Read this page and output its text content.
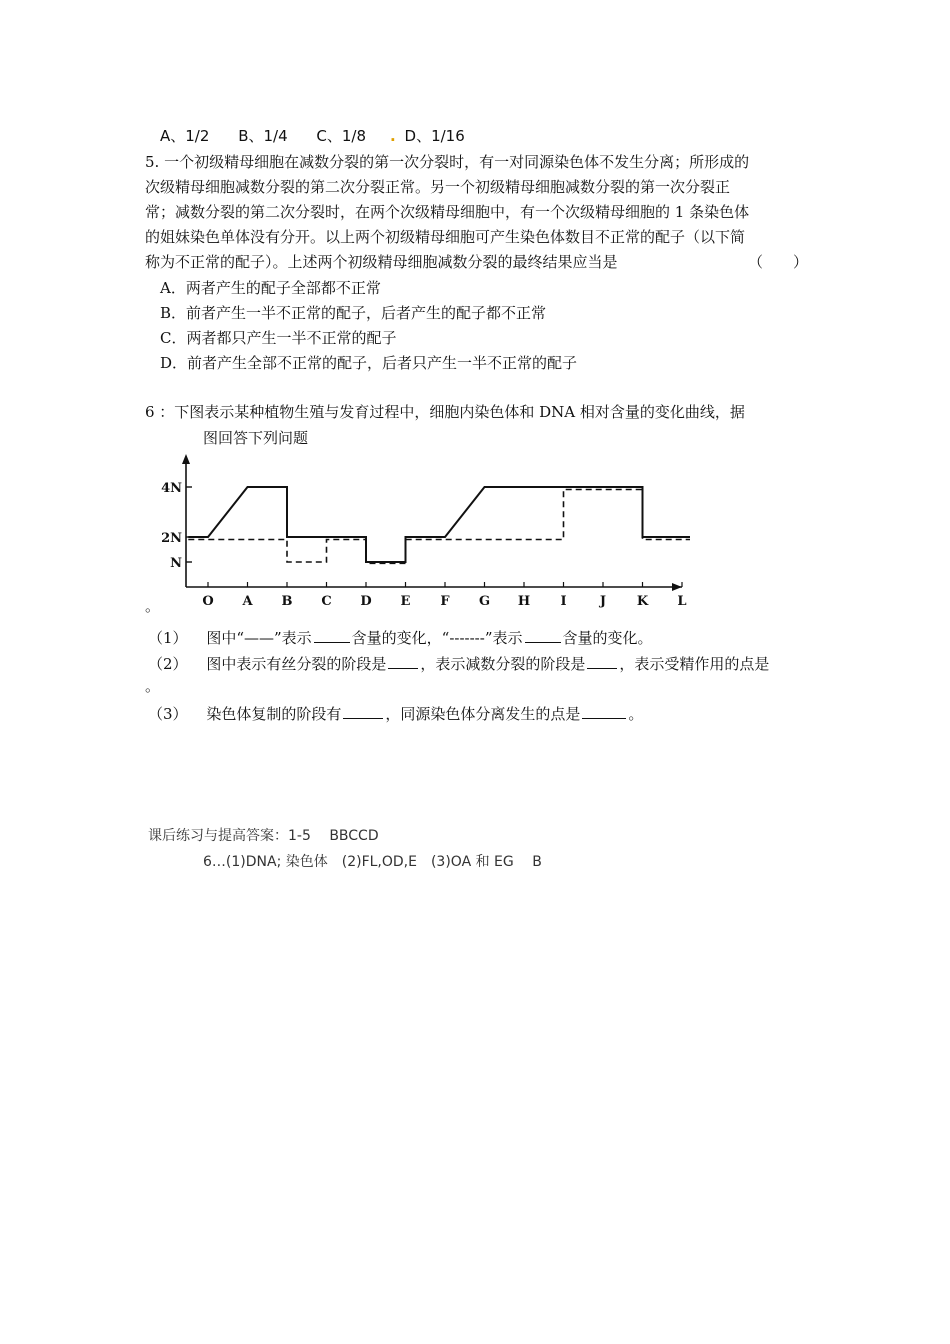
A、1/2 B、1/4 C、1/8 . D、1/16
5. 一个初级精母细胞在减数分裂的第一次分裂时，有一对同源染色体不发生分离；所形成的
次级精母细胞减数分裂的第二次分裂正常。另一个初级精母细胞减数分裂的第一次分裂正
常；减数分裂的第二次分裂时，在两个次级精母细胞中，有一个次级精母细胞的 1 条染色体
的姐妹染色单体没有分开。以上两个初级精母细胞可产生染色体数目不正常的配子（以下简
称为不正常的配子）。上述两个初级精母细胞减数分裂的最终结果应当是	（　　）
A．两者产生的配子全部都不正常
B．前者产生一半不正常的配子，后者产生的配子都不正常
C．两者都只产生一半不正常的配子
D．前者产生全部不正常的配子，后者只产生一半不正常的配子
6 ：下图表示某种植物生殖与发育过程中，细胞内染色体和 DNA 相对含量的变化曲线，据
图回答下列问题
N
2N
4N
O A B C D E F G H I	J K L
。
（1） 图中“——”表示	含量的变化，“-------”表示	含量的变化。
（2） 图中表示有丝分裂的阶段是 ，表示减数分裂的阶段是 ，表示受精作用的点是
。
（3） 染色体复制的阶段有	，同源染色体分离发生的点是	。
课后练习与提高答案：1-5　 BBCCD
6…(1)DNA; 染色体　(2)FL,OD,E　(3)OA 和 EG　 B
